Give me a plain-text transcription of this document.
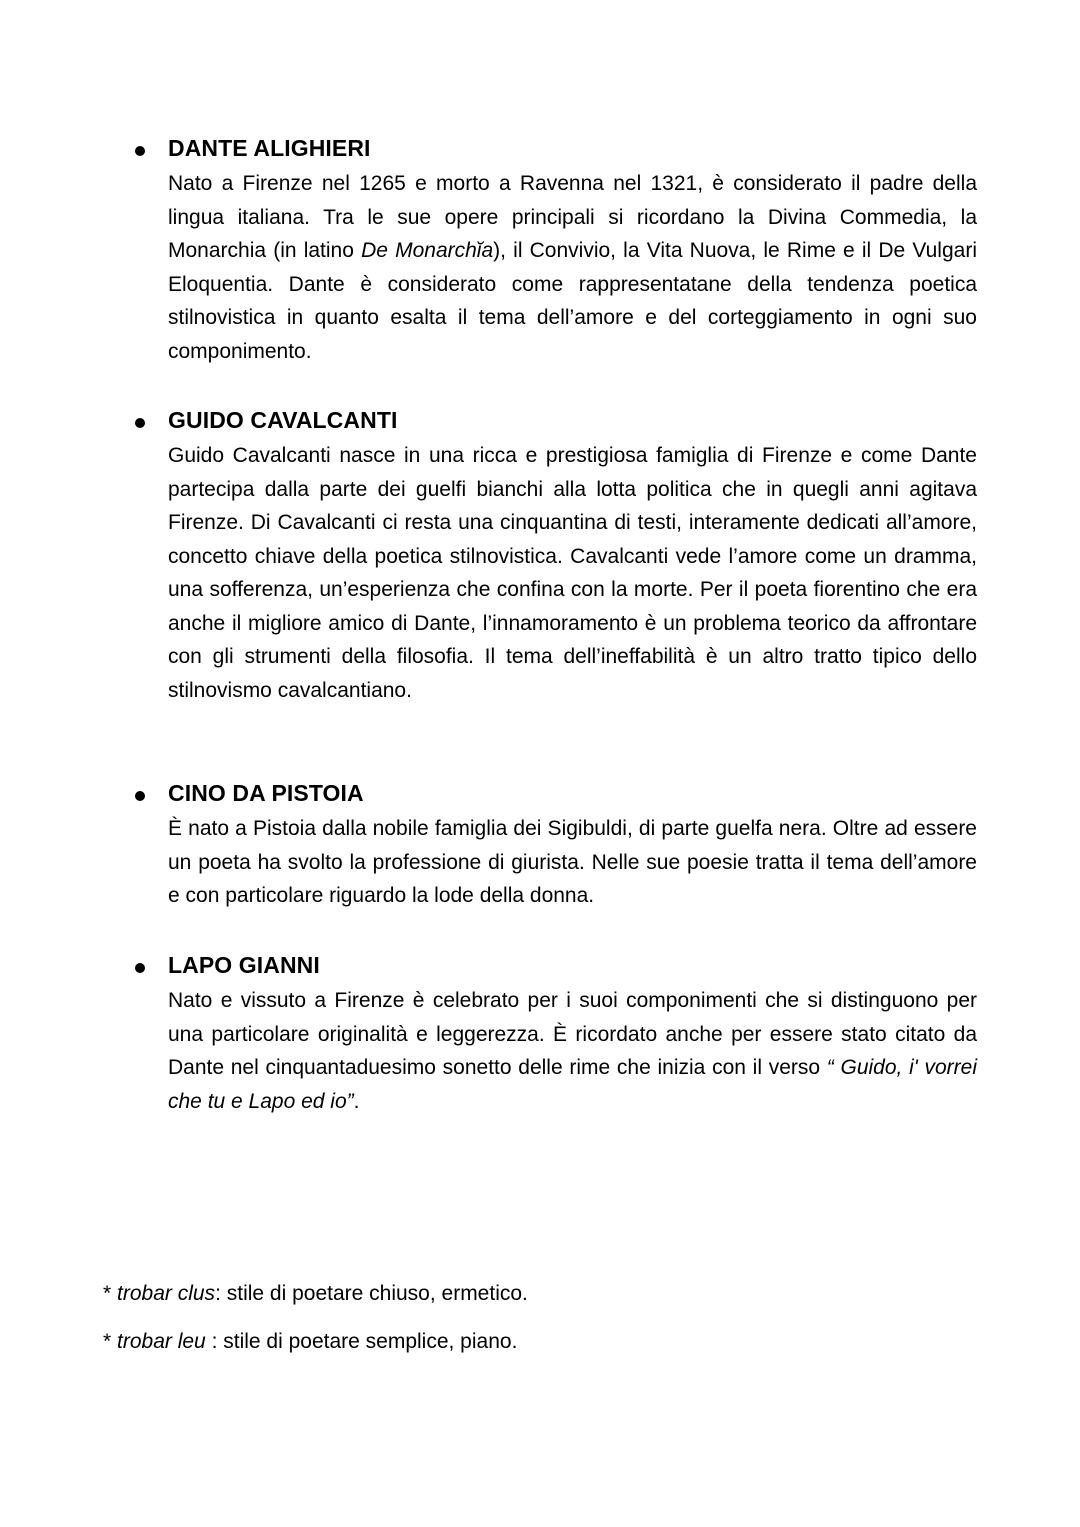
DANTE ALIGHIERI
Nato a Firenze nel 1265 e morto a Ravenna nel 1321, è considerato il padre della lingua italiana. Tra le sue opere principali si ricordano la Divina Commedia, la Monarchia (in latino De Monarchĭa), il Convivio, la Vita Nuova, le Rime e il De Vulgari Eloquentia. Dante è considerato come rappresentatane della tendenza poetica stilnovistica in quanto esalta il tema dell’amore e del corteggiamento in ogni suo componimento.
GUIDO CAVALCANTI
Guido Cavalcanti nasce in una ricca e prestigiosa famiglia di Firenze e come Dante partecipa dalla parte dei guelfi bianchi alla lotta politica che in quegli anni agitava Firenze. Di Cavalcanti ci resta una cinquantina di testi, interamente dedicati all’amore, concetto chiave della poetica stilnovistica. Cavalcanti vede l’amore come un dramma, una sofferenza, un’esperienza che confina con la morte. Per il poeta fiorentino che era anche il migliore amico di Dante, l’innamoramento è un problema teorico da affrontare con gli strumenti della filosofia. Il tema dell’ineffabilità è un altro tratto tipico dello stilnovismo cavalcantiano.
CINO DA PISTOIA
È nato a Pistoia dalla nobile famiglia dei Sigibuldi, di parte guelfa nera. Oltre ad essere un poeta ha svolto la professione di giurista. Nelle sue poesie tratta il tema dell’amore e con particolare riguardo la lode della donna.
LAPO GIANNI
Nato e vissuto a Firenze è celebrato per i suoi componimenti che si distinguono per una particolare originalità e leggerezza. È ricordato anche per essere stato citato da Dante nel cinquantaduesimo sonetto delle rime che inizia con il verso “ Guido, i' vorrei che tu e Lapo ed io”.
* trobar clus: stile di poetare chiuso, ermetico.
* trobar leu : stile di poetare semplice, piano.
